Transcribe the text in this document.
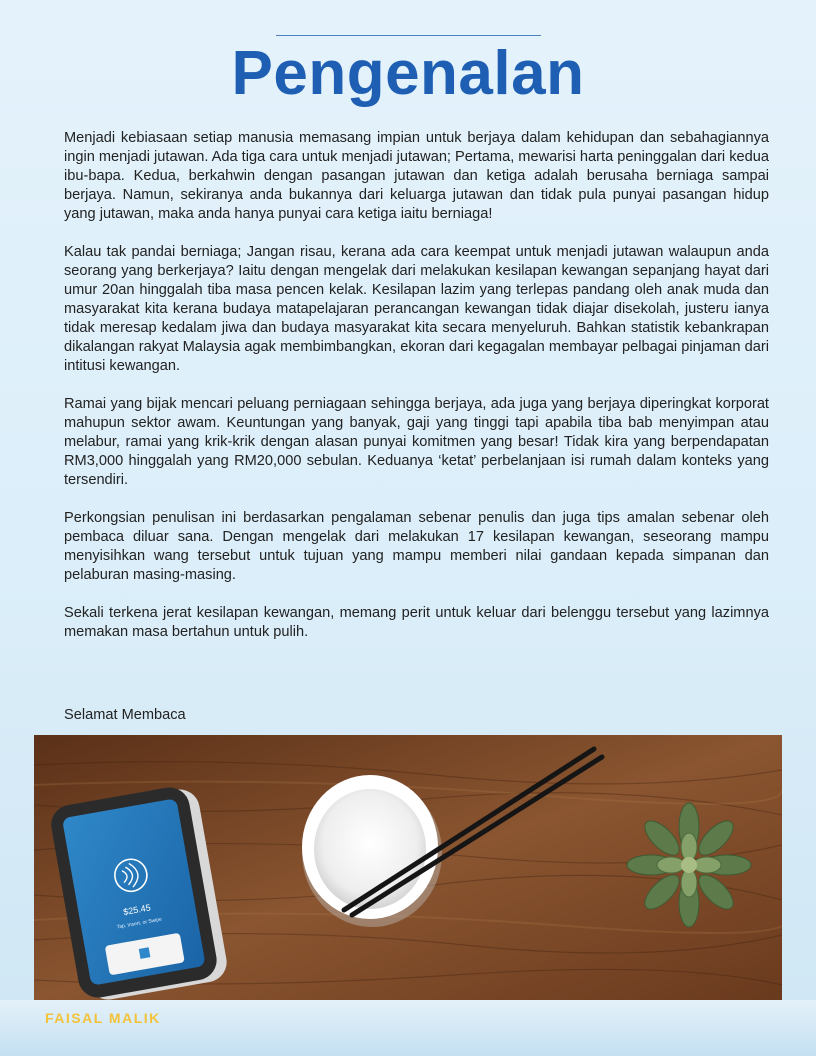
Pengenalan

Menjadi kebiasaan setiap manusia memasang impian untuk berjaya dalam kehidupan dan sebahagiannya ingin menjadi jutawan. Ada tiga cara untuk menjadi jutawan; Pertama, mewarisi harta peninggalan dari kedua ibu-bapa. Kedua, berkahwin dengan pasangan jutawan dan ketiga adalah berusaha berniaga sampai berjaya. Namun, sekiranya anda bukannya dari keluarga jutawan dan tidak pula punyai pasangan hidup yang jutawan, maka anda hanya punyai cara ketiga iaitu berniaga!

Kalau tak pandai berniaga; Jangan risau, kerana ada cara keempat untuk menjadi jutawan walaupun anda seorang yang berkerjaya? Iaitu dengan mengelak dari melakukan kesilapan kewangan sepanjang hayat dari umur 20an hinggalah tiba masa pencen kelak. Kesilapan lazim yang terlepas pandang oleh anak muda dan masyarakat kita kerana budaya matapelajaran perancangan kewangan tidak diajar disekolah, justeru ianya tidak meresap kedalam jiwa dan budaya masyarakat kita secara menyeluruh. Bahkan statistik kebankrapan dikalangan rakyat Malaysia agak membimbangkan, ekoran dari kegagalan membayar pelbagai pinjaman dari intitusi kewangan.

Ramai yang bijak mencari peluang perniagaan sehingga berjaya, ada juga yang berjaya diperingkat korporat mahupun sektor awam. Keuntungan yang banyak, gaji yang tinggi tapi apabila tiba bab menyimpan atau melabur, ramai yang krik-krik dengan alasan punyai komitmen yang besar! Tidak kira yang berpendapatan RM3,000 hinggalah yang RM20,000 sebulan. Keduanya ‘ketat’ perbelanjaan isi rumah dalam konteks yang tersendiri.

Perkongsian penulisan ini berdasarkan pengalaman sebenar penulis dan juga tips amalan sebenar oleh pembaca diluar sana. Dengan mengelak dari melakukan 17 kesilapan kewangan, seseorang mampu menyisihkan wang tersebut untuk tujuan yang mampu memberi nilai gandaan kepada simpanan dan pelaburan masing-masing.

Sekali terkena jerat kesilapan kewangan, memang perit untuk keluar dari belenggu tersebut yang lazimnya memakan masa bertahun untuk pulih.

Selamat Membaca
$25.45
Tap, Insert, or Swipe
FAISAL MALIK
